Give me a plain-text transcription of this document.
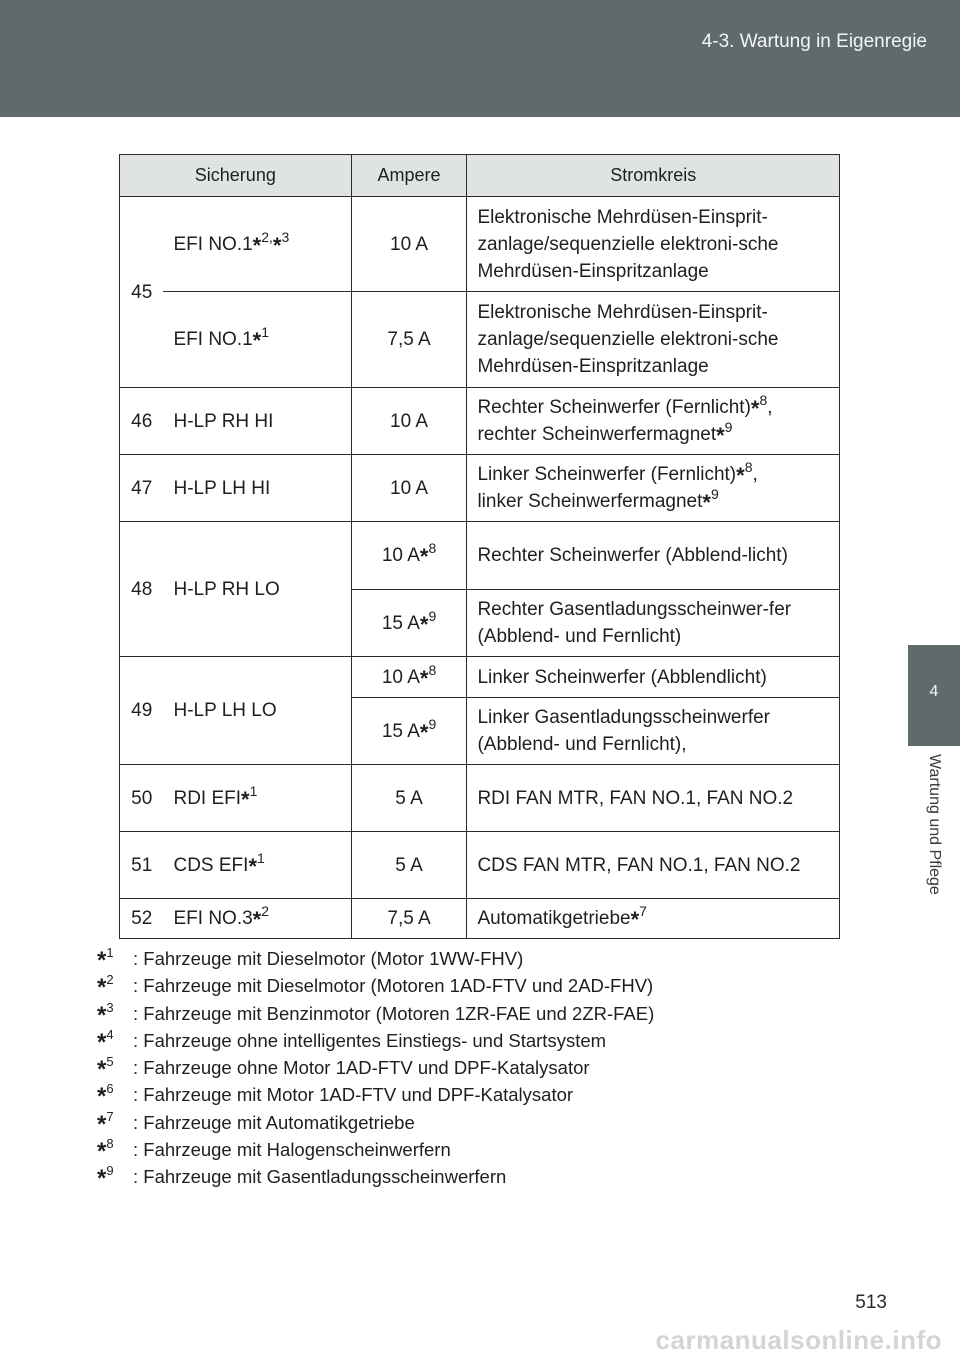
4-3. Wartung in Eigenregie
4
Wartung und Pflege
Sicherung		Ampere	Stromkreis
45	EFI NO.1*$^{2,}$*$^3$	10 A	Elektronische Mehrdüsen-Einsprit-zanlage/sequenzielle elektroni-sche Mehrdüsen-Einspritzanlage
	EFI NO.1*$^1$	7,5 A	Elektronische Mehrdüsen-Einsprit-zanlage/sequenzielle elektroni-sche Mehrdüsen-Einspritzanlage
46	H-LP RH HI	10 A	Rechter Scheinwerfer (Fernlicht)*$^8$,
rechter Scheinwerfermagnet*$^9$
47	H-LP LH HI	10 A	Linker Scheinwerfer (Fernlicht)*$^8$,
linker Scheinwerfermagnet*$^9$
48	H-LP RH LO	10 A*$^8$	Rechter Scheinwerfer (Abblend-licht)
		15 A*$^9$	Rechter Gasentladungsscheinwer-fer (Abblend- und Fernlicht)
49	H-LP LH LO	10 A*$^8$	Linker Scheinwerfer (Abblendlicht)
		15 A*$^9$	Linker Gasentladungsscheinwerfer (Abblend- und Fernlicht),
50	RDI EFI*$^1$	5 A	RDI FAN MTR, FAN NO.1, FAN NO.2
51	CDS EFI*$^1$	5 A	CDS FAN MTR, FAN NO.1, FAN NO.2
52	EFI NO.3*$^2$	7,5 A	Automatikgetriebe*$^7$
*$^1$ : Fahrzeuge mit Dieselmotor (Motor 1WW-FHV)
*$^2$ : Fahrzeuge mit Dieselmotor (Motoren 1AD-FTV und 2AD-FHV)
*$^3$ : Fahrzeuge mit Benzinmotor (Motoren 1ZR-FAE und 2ZR-FAE)
*$^4$ : Fahrzeuge ohne intelligentes Einstiegs- und Startsystem
*$^5$ : Fahrzeuge ohne Motor 1AD-FTV und DPF-Katalysator
*$^6$ : Fahrzeuge mit Motor 1AD-FTV und DPF-Katalysator
*$^7$ : Fahrzeuge mit Automatikgetriebe
*$^8$ : Fahrzeuge mit Halogenscheinwerfern
*$^9$ : Fahrzeuge mit Gasentladungsscheinwerfern
513
carmanualsonline.info
